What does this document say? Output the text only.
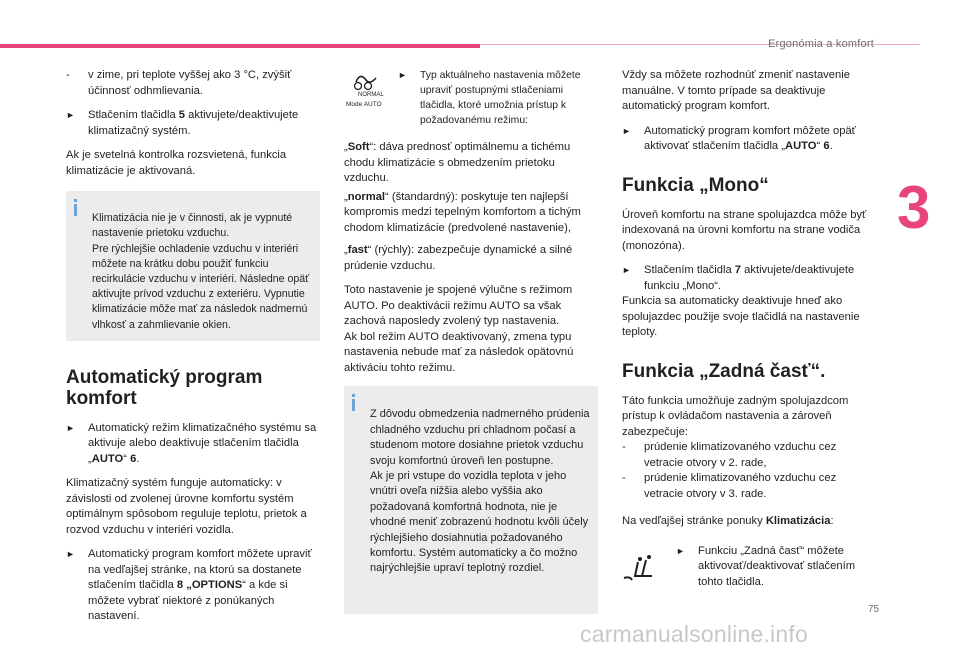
Ergonómia a komfort
3
- v zime, pri teplote vyššej ako 3 °C, zvýšiť účinnosť odhmlievania.
► Stlačením tlačidla 5 aktivujete/deaktivujete klimatizačný systém.

Ak je svetelná kontrolka rozsvietená, funkcia klimatizácie je aktivovaná.

Klimatizácia nie je v činnosti, ak je vypnuté nastavenie prietoku vzduchu.
Pre rýchlejšie ochladenie vzduchu v interiéri môžete na krátku dobu použiť funkciu recirkulácie vzduchu v interiéri. Následne opäť aktivujte prívod vzduchu z exteriéru. Vypnutie klimatizácie môže mať za následok nadmernú vlhkosť a zahmlievanie okien.

Automatický program komfort
► Automatický režim klimatizačného systému sa aktivuje alebo deaktivuje stlačením tlačidla „AUTO“ 6.

Klimatizačný systém funguje automaticky: v závislosti od zvolenej úrovne komfortu systém optimálnym spôsobom reguluje teplotu, prietok a rozvod vzduchu v interiéri vozidla.

► Automatický program komfort môžete upraviť na vedľajšej stránke, na ktorú sa dostanete stlačením tlačidla 8 „OPTIONS“ a kde si môžete vybrať niektoré z ponúkaných nastavení.
NORMAL
Mode AUTO
► Typ aktuálneho nastavenia môžete upraviť postupnými stlačeniami tlačidla, ktoré umožnia prístup k požadovanému režimu:

„Soft“: dáva prednosť optimálnemu a tichému chodu klimatizácie s obmedzením prietoku vzduchu.

„normal“ (štandardný): poskytuje ten najlepší kompromis medzi tepelným komfortom a tichým chodom klimatizácie (predvolené nastavenie),

„fast“ (rýchly): zabezpečuje dynamické a silné prúdenie vzduchu.

Toto nastavenie je spojené výlučne s režimom AUTO. Po deaktivácii režimu AUTO sa však zachová naposledy zvolený typ nastavenia.
Ak bol režim AUTO deaktivovaný, zmena typu nastavenia nebude mať za následok opätovnú aktiváciu tohto režimu.

Z dôvodu obmedzenia nadmerného prúdenia chladného vzduchu pri chladnom počasí a studenom motore dosiahne prietok vzduchu svoju komfortnú úroveň len postupne.
Ak je pri vstupe do vozidla teplota v jeho vnútri oveľa nižšia alebo vyššia ako požadovaná komfortná hodnota, nie je vhodné meniť zobrazenú hodnotu kvôli účely rýchlejšieho dosiahnutia požadovaného komfortu. Systém automaticky a čo možno najrýchlejšie upraví teplotný rozdiel.

Vždy sa môžete rozhodnúť zmeniť nastavenie manuálne. V tomto prípade sa deaktivuje automatický program komfort.

► Automatický program komfort môžete opäť aktivovať stlačením tlačidla „AUTO“ 6.
Funkcia „Mono“

Úroveň komfortu na strane spolujazdca môže byť indexovaná na úrovni komfortu na strane vodiča (monozóna).

► Stlačením tlačidla 7 aktivujete/deaktivujete funkciu „Mono“.

Funkcia sa automaticky deaktivuje hneď ako spolujazdec použije svoje tlačidlá na nastavenie teploty.

Funkcia „Zadná časť“.

Táto funkcia umožňuje zadným spolujazdcom prístup k ovládačom nastavenia a zároveň zabezpečuje:

- prúdenie klimatizovaného vzduchu cez vetracie otvory v 2. rade,
- prúdenie klimatizovaného vzduchu cez vetracie otvory v 3. rade.

Na vedľajšej stránke ponuky Klimatizácia:

► Funkciu „Zadná časť“ môžete aktivovať/deaktivovať stlačením tohto tlačidla.
75
carmanualsonline.info
